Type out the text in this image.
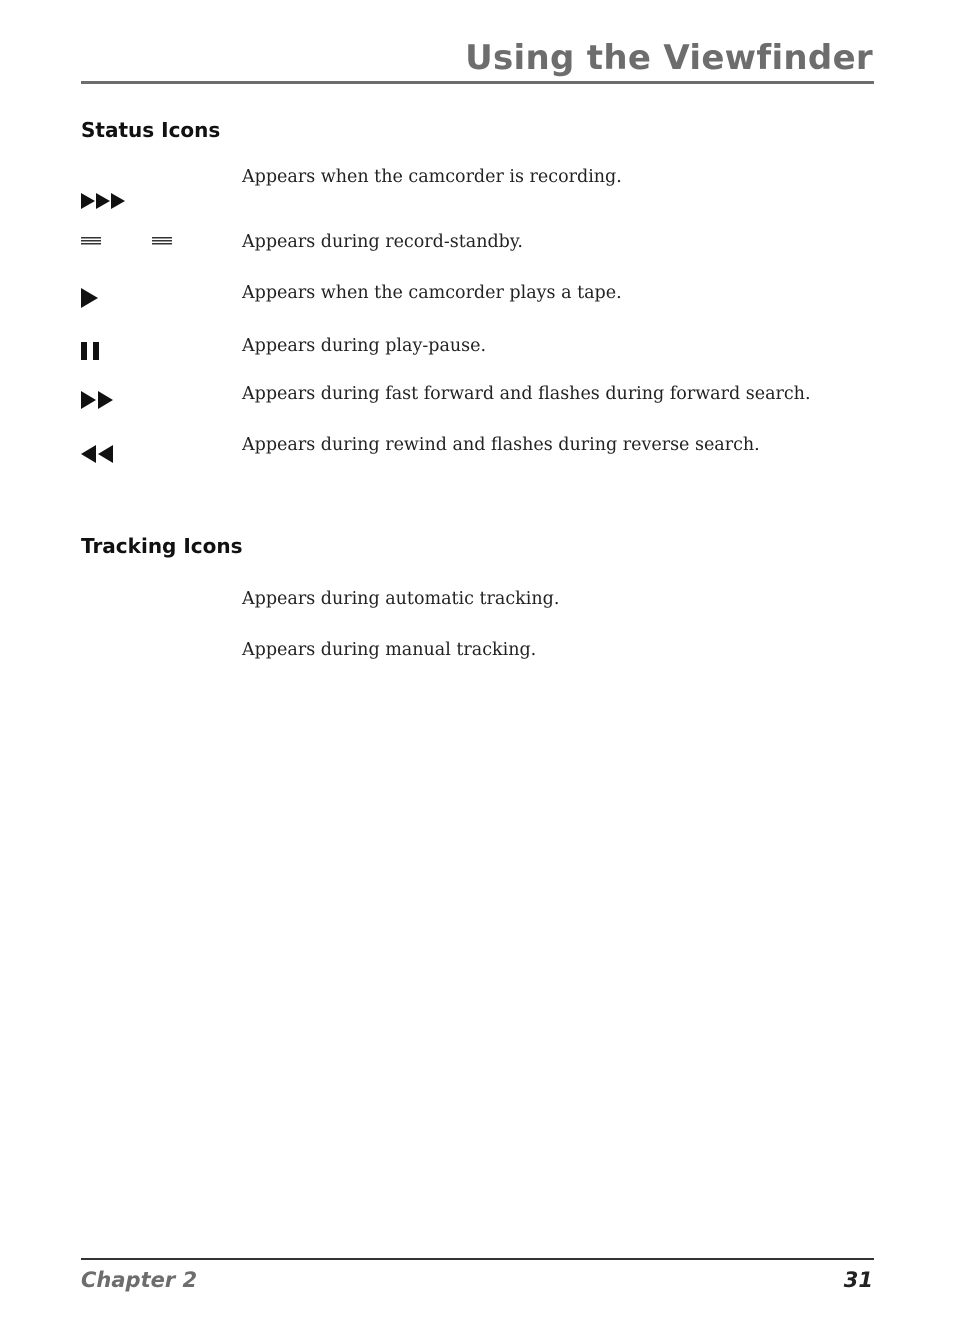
Using the Viewfinder
Status Icons
Appears when the camcorder is recording.
Appears during record-standby.
Appears when the camcorder plays a tape.
Appears during play-pause.
Appears during fast forward and flashes during forward search.
Appears during rewind and flashes during reverse search.
Tracking Icons
Appears during automatic tracking.
Appears during manual tracking.
Chapter 2	31
